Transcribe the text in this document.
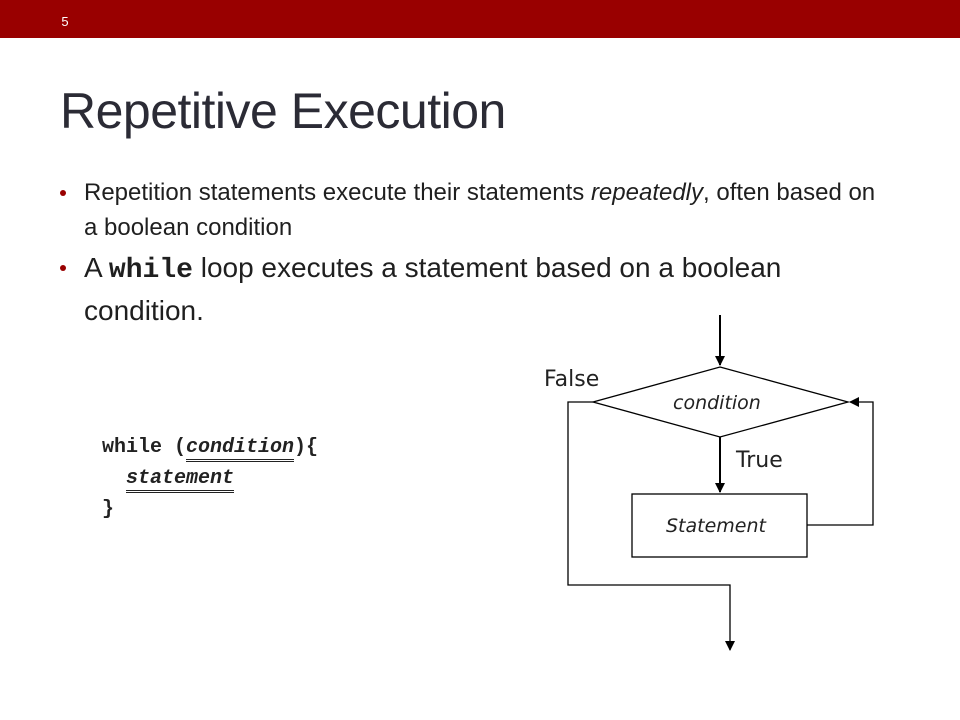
5
Repetitive Execution
Repetition statements execute their statements repeatedly, often based on a boolean condition
A while loop executes a statement based on a boolean condition.
while (condition){
statement
}
False
condition
True
Statement
